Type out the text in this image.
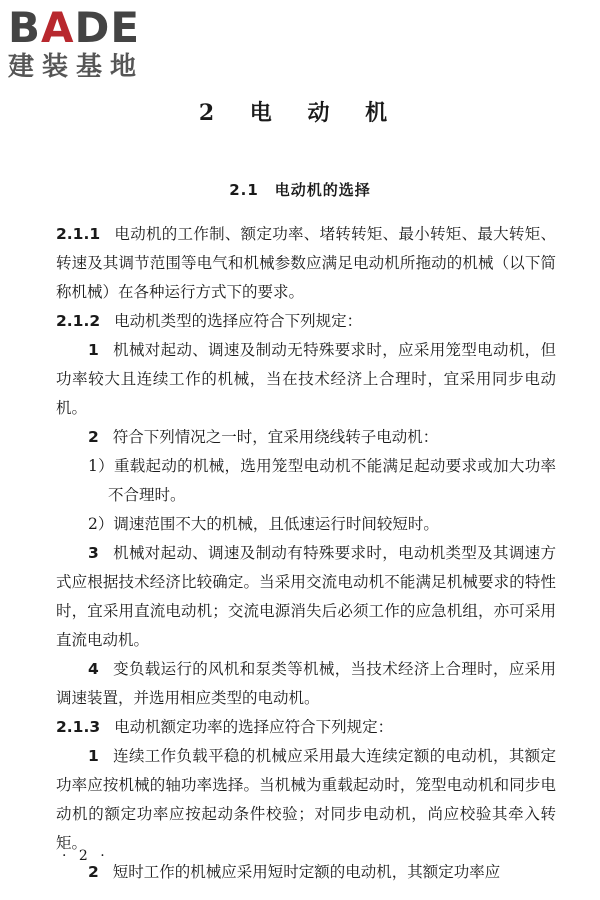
BADE
建装基地
2 电 动 机
2.1　电动机的选择

2.1.1 电动机的工作制、额定功率、堵转转矩、最小转矩、最大转矩、转速及其调节范围等电气和机械参数应满足电动机所拖动的机械（以下简称机械）在各种运行方式下的要求。

2.1.2 电动机类型的选择应符合下列规定：

1 机械对起动、调速及制动无特殊要求时，应采用笼型电动机，但功率较大且连续工作的机械，当在技术经济上合理时，宜采用同步电动机。

2 符合下列情况之一时，宜采用绕线转子电动机：

1）重载起动的机械，选用笼型电动机不能满足起动要求或加大功率不合理时。

2）调速范围不大的机械，且低速运行时间较短时。

3 机械对起动、调速及制动有特殊要求时，电动机类型及其调速方式应根据技术经济比较确定。当采用交流电动机不能满足机械要求的特性时，宜采用直流电动机；交流电源消失后必须工作的应急机组，亦可采用直流电动机。

4 变负载运行的风机和泵类等机械，当技术经济上合理时，应采用调速装置，并选用相应类型的电动机。

2.1.3 电动机额定功率的选择应符合下列规定：

1 连续工作负载平稳的机械应采用最大连续定额的电动机，其额定功率应按机械的轴功率选择。当机械为重载起动时，笼型电动机和同步电动机的额定功率应按起动条件校验；对同步电动机，尚应校验其牵入转矩。

2 短时工作的机械应采用短时定额的电动机，其额定功率应

· 2 ·
